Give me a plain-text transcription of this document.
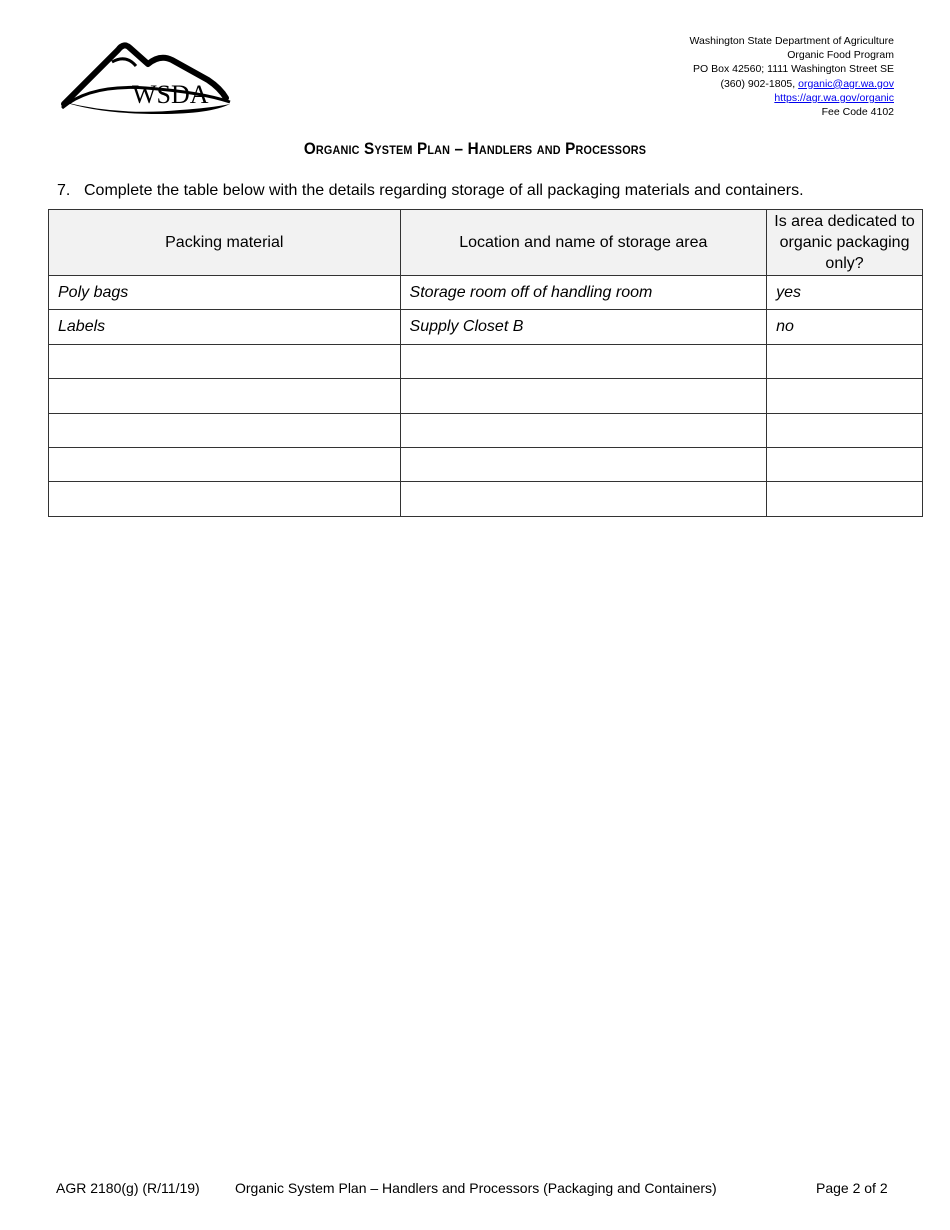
WSDA
Washington State Department of Agriculture
Organic Food Program
PO Box 42560; 1111 Washington Street SE
(360) 902-1805, organic@agr.wa.gov
https://agr.wa.gov/organic
Fee Code 4102
Organic System Plan – Handlers and Processors
7. Complete the table below with the details regarding storage of all packaging materials and containers.
Packing material	Location and name of storage area	Is area dedicated to organic packaging only?
Poly bags	Storage room off of handling room	yes
Labels	Supply Closet B	no

AGR 2180(g) (R/11/19)	Organic System Plan – Handlers and Processors (Packaging and Containers)	Page 2 of 2
